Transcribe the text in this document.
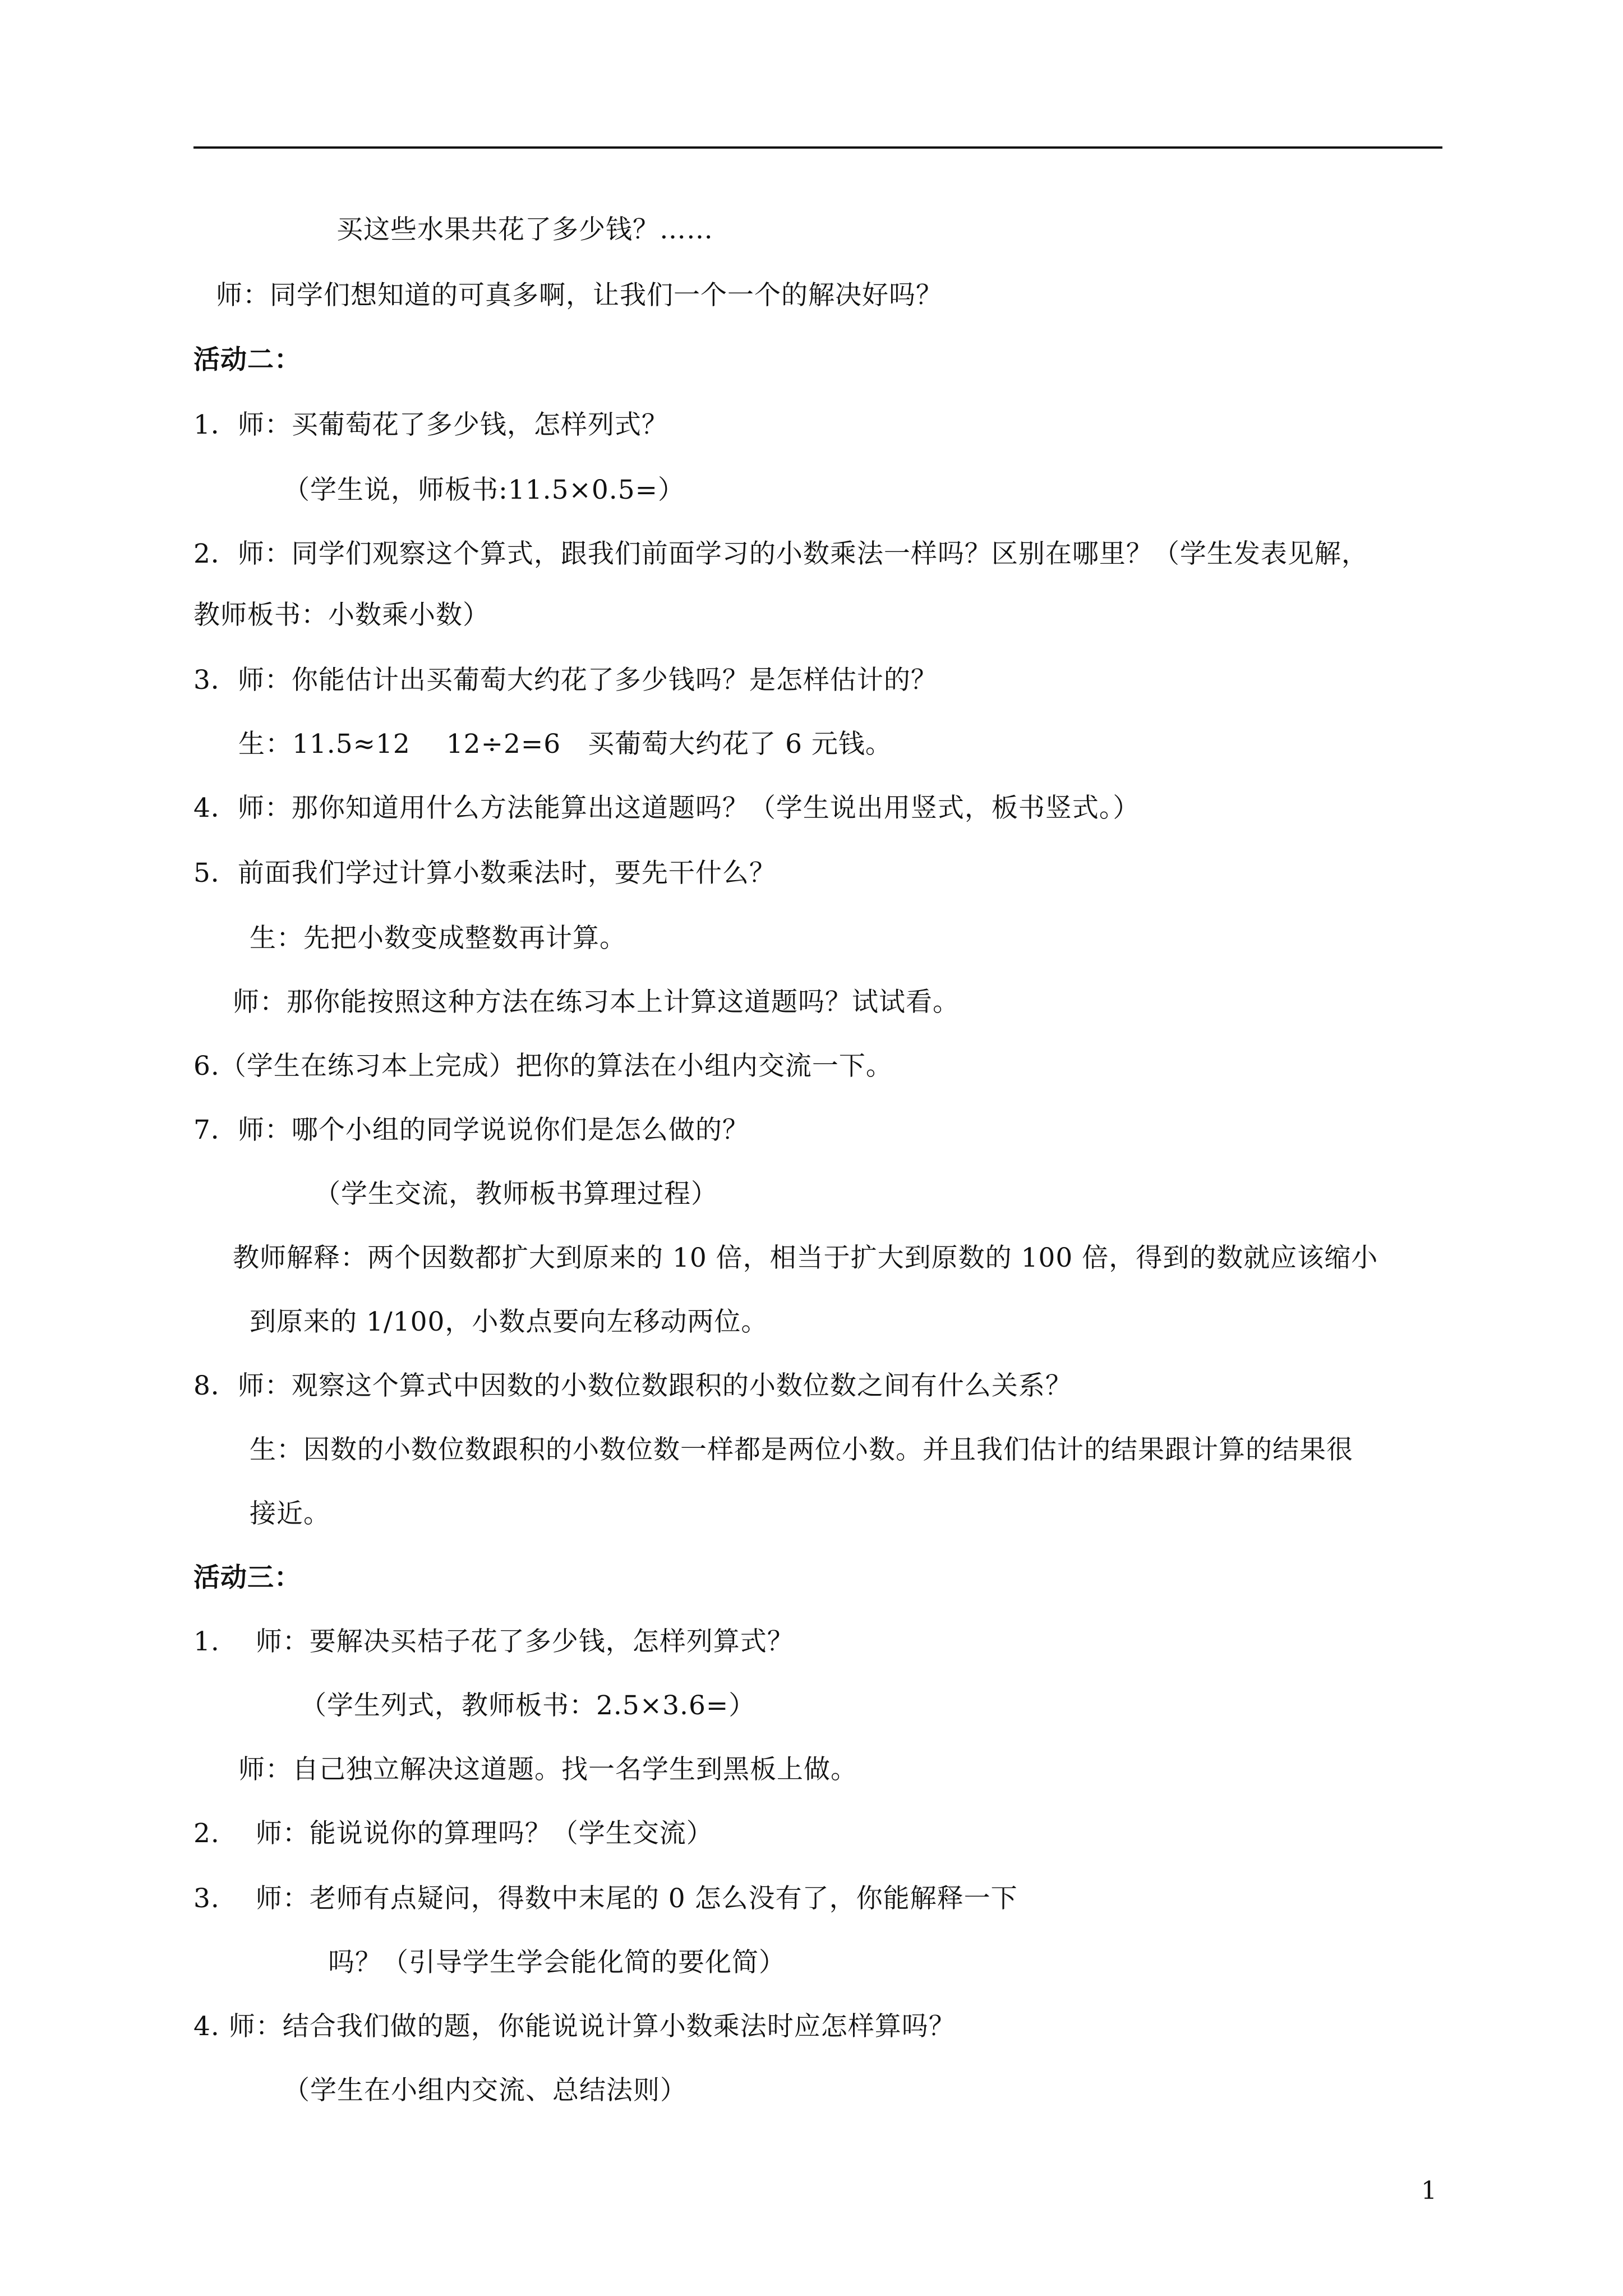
买这些水果共花了多少钱？……
师：同学们想知道的可真多啊，让我们一个一个的解决好吗？
活动二：
1．师：买葡萄花了多少钱，怎样列式？
（学生说，师板书:11.5×0.5=）
2．师：同学们观察这个算式，跟我们前面学习的小数乘法一样吗？区别在哪里？（学生发表见解，
教师板书：小数乘小数）
3．师：你能估计出买葡萄大约花了多少钱吗？是怎样估计的？
生：11.5≈12　 12÷2=6　买葡萄大约花了 6 元钱。
4．师：那你知道用什么方法能算出这道题吗？（学生说出用竖式，板书竖式。）
5．前面我们学过计算小数乘法时，要先干什么？
生：先把小数变成整数再计算。
师：那你能按照这种方法在练习本上计算这道题吗？试试看。
6.（学生在练习本上完成）把你的算法在小组内交流一下。
7．师：哪个小组的同学说说你们是怎么做的？
（学生交流，教师板书算理过程）
教师解释：两个因数都扩大到原来的 10 倍，相当于扩大到原数的 100 倍，得到的数就应该缩小
到原来的 1/100，小数点要向左移动两位。
8．师：观察这个算式中因数的小数位数跟积的小数位数之间有什么关系？
生：因数的小数位数跟积的小数位数一样都是两位小数。并且我们估计的结果跟计算的结果很
接近。
活动三：
1.　 师：要解决买桔子花了多少钱，怎样列算式？
（学生列式，教师板书：2.5×3.6=）
师：自己独立解决这道题。找一名学生到黑板上做。
2.　 师：能说说你的算理吗？（学生交流）
3.　 师：老师有点疑问，得数中末尾的 0 怎么没有了，你能解释一下
吗？（引导学生学会能化简的要化简）
4. 师：结合我们做的题，你能说说计算小数乘法时应怎样算吗？
（学生在小组内交流、总结法则）
1
